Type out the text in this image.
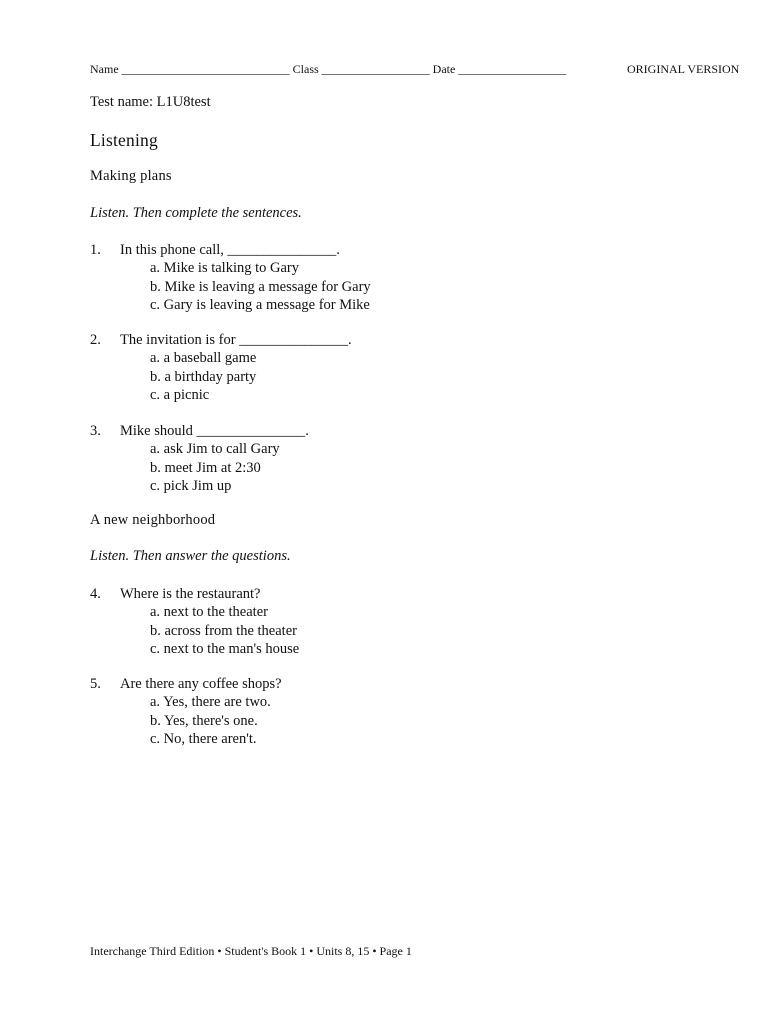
Name ____________________________ Class __________________ Date __________________	ORIGINAL VERSION
Test name: L1U8test
Listening
Making plans
Listen. Then complete the sentences.
1. In this phone call, _______________.
a. Mike is talking to Gary
b. Mike is leaving a message for Gary
c. Gary is leaving a message for Mike
2. The invitation is for _______________.
a. a baseball game
b. a birthday party
c. a picnic
3. Mike should _______________.
a. ask Jim to call Gary
b. meet Jim at 2:30
c. pick Jim up
A new neighborhood
Listen. Then answer the questions.
4. Where is the restaurant?
a. next to the theater
b. across from the theater
c. next to the man's house
5. Are there any coffee shops?
a. Yes, there are two.
b. Yes, there's one.
c. No, there aren't.
Interchange Third Edition • Student's Book 1 • Units 8, 15 • Page 1
